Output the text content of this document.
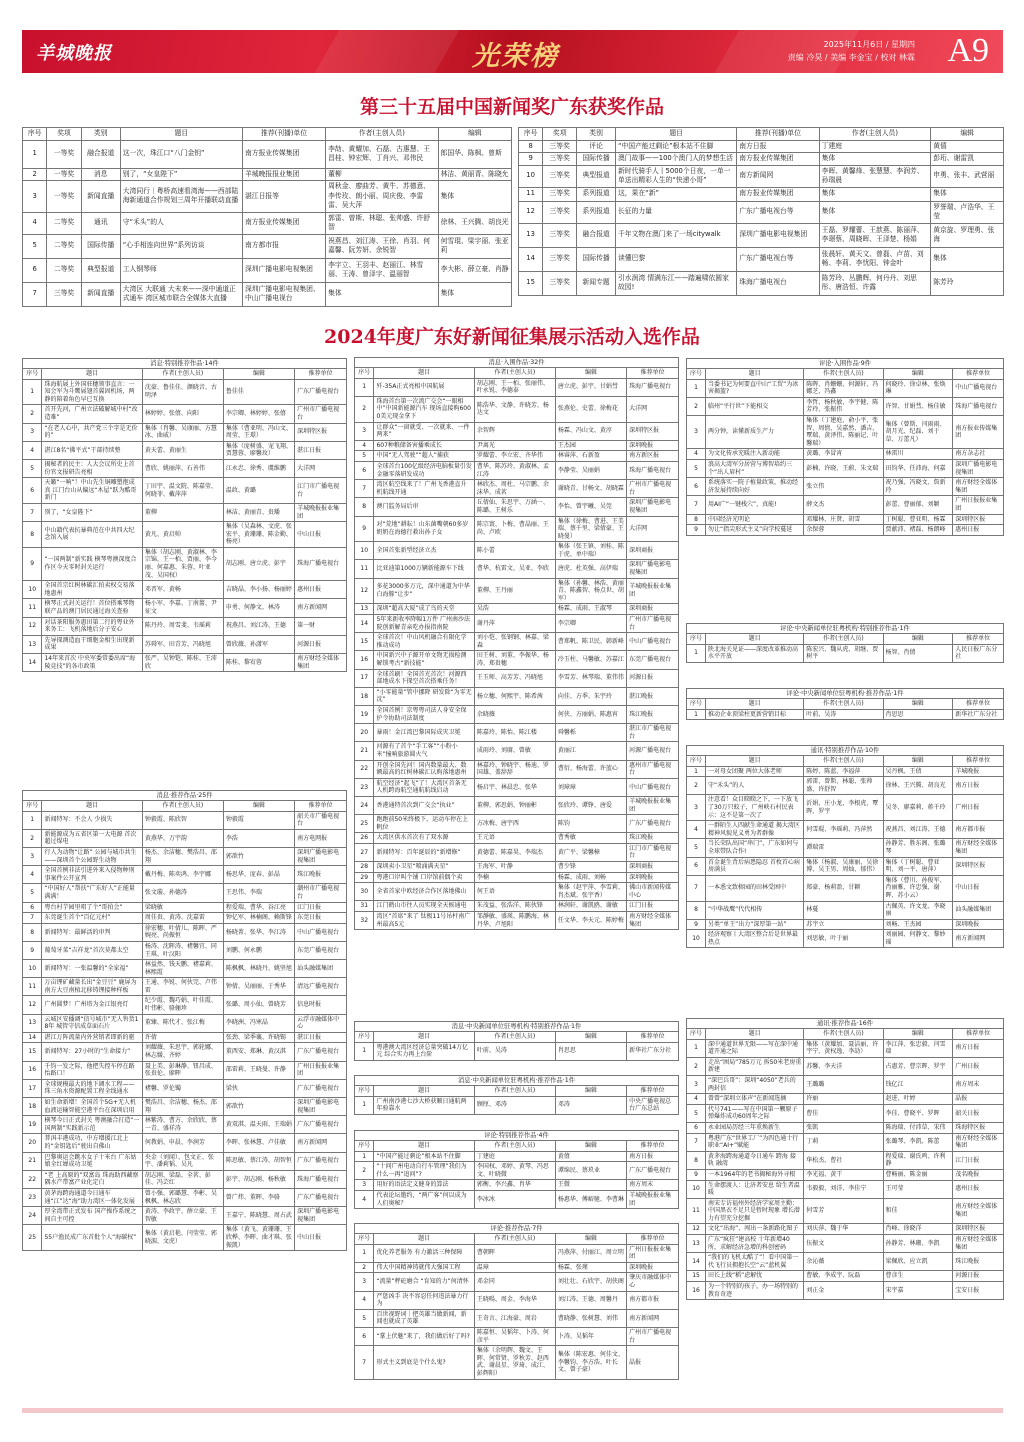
羊城晚报	光荣榜	2025年11月6日 / 星期四
责编 冷昊 / 美编 李金宝 / 校对 林霖 A9
第三十五届中国新闻奖广东获奖作品
序号	奖项	类别	题目	推荐(刊播)单位	作者(主创人员)	编辑
1	一等奖	融合报道	这一次，珠江口“八门金钥”	南方报业传媒集团	李劼、黄耀加、石磊、古惠慧、王昌桂、钟宏辉、丁肖兴、邓伟民	郎国华、陈枫、曾斯
2	一等奖	消息	别了，“女皇陛下”	羊城晚报报业集团	董柳	林洁、黄丽青、陈晓允
3	一等奖	新闻直播	大湾同行｜粤桥高速看湾海——西部陆海新通道合作规划三周年开播联动直播	湛江日报等	周秋金、廖曲芳、黄牛、苏德意、李传玫、朗小丽、周庆俊、李雷雷、吴大萍	集体
4	二等奖	通讯	守“禾头”的人	南方报业传媒集团	郭雷、曾斯、林聪、张帅盛、许舒智	徐林、王兴腾、胡良光
5	二等奖	国际传播	“心手相连向世界”系列访谈	南方都市报	祝燕昌、刘江涛、王徐、肖羽、何嘉馨、阮芳妍、余锐智	何雪琨、梁宇丽、张亚莉
6	二等奖	典型报道	工人钢琴师	深圳广播电影电视集团	李宇立、王羽丰、赵丽江、林雪丽、王涛、曾泽宇、温丽智	李大彬、薛立豪、肖静
7	三等奖	新闻直播	大湾区 大联通 大未来——深中通道正式通车 湾区城市联合全媒体大直播	深圳广播电影电视集团、中山广播电视台	集体	集体
序号	奖项	类别	题目	推荐(刊播)单位	作者(主创人员)	编辑
8	三等奖	评论	“中国产能过剩论”根本站不住脚	南方日报	丁建庭	黄僖
9	三等奖	国际传播	澳门故事——100个澳门人的梦想生活	南方报业传媒集团	集体	彭珩、谢雷凯
10	三等奖	典型报道	新时代骑手人丨5000个日夜，一单一单送出精彩人生的“快递小哥”	南方新闻网	李晖、黄馨烽、张慧慧、李润芳、孙瑞晨	申勇、张丰、武营丽
11	三等奖	系列报道	这，果在“新”	南方报业传媒集团	集体	集体
12	三等奖	系列报道	长征的力量	广东广播电视台等	集体	罗誉瑞、卢浩华、王莹
13	三等奖	融合报道	千年文物在澳门来了一场citywalk	深圳广播电影电视集团	王磊、罗耀蕾、王歆燕、陈丽萍、李璟蔡、周晓晖、王泽楚、杨娟	黄京旋、罗理勇、张海
14	三等奖	国际传播	读懂巴黎	广东广播电视台等	张晨轩、黄天文、曾磊、卢苗、刘畅、李莉、李忧阳、钟金叶	集体
15	三等奖	新闻专题	引水润湾 情满东江——踏遍啸依圆家故园!	珠海广播电视台	陈芳玲、丛鹏辉、何丹丹、刘思彤、唐浩恒、许露	陈芳玲
2024年度广东好新闻征集展示活动入选作品
消息·特别推荐作品·14件
序号	题目	作者(主创人员)	编辑	推荐单位
1	珠海航展上外国驻穗领事直言：一知会军为斗鹰展翅首翼固机场，两静的陪着角色早已互换	沈豪、鲁佳佳、颜晓音、古明泽	鲁佳佳	广东广播电视台
2	首开先河，广州立法破解城中村“改造难”	林婷婷、张僖、向阳	李宗卿、林婷婷、张僖	广州市广播电视台
3	“在老人心中，共产党三个字是无价的”	集体（肖馨、吴康丽、方慧冰、曲威）	集体（曹亚明、冯山文、周莹、王璟）	深圳特区报
4	湛江8名“佛平式”干部持续整	黄天蕾、黄丽生	集体（庞树盛、宠飞翔、贾慧蓉、廖馨玫）	湛江日报
5	揭秘者的民主：人大会议所史上首份官文报研告亮相	曹欣、姚丽萍、石善伟	江永忠、徐秀、虞维鹏	大洋网
6	天籁“一响”！中山先生铜雕塑抱成真 江门台山从偏远“木屋”跃为酷哥新门	丁田宇、温文院、陈嘉莹、何晓菲、戴萍萍	温政、黄璐	江门市广播电视台
7	别了，“女皇陛下”	董柳	林洁、黄丽青、贵璠	羊城晚报报业集团
8	中山籍代表抗暴典范在中共四大纪念馆入展	黄凡、黄启帅	集体（吴森林、文虎、张宏平、黄珊珊、陈金勤、杨亮）	中山日报
9	“一国两制”新实践 横琴粤澳深度合作区今天零时封关运行	集体（胡志刚、黄淑林、李宗锦、王一栢、贾丽、李今丽、何嘉惠、朱蓉、叶亚茂、吴国权）	胡志刚、唐立虎、彭宇	珠海广播电视台
10	全国首宗红树林碳汇拍卖权交易落地惠州	邓晋军、黄畅	吉晓晶、李小扬、杨丽婷	惠州日报
11	横琴正式封关运行！首位搭乘琴物联产品的澳门居民通过海关查验	杨小军、李嘉、丁南蔷、尹征文	申勇、何静文、林涛	南方新闻网
12	对话茶阳服务惠田第二行的粤业外来务工：飞机落地后分子安心	陈丹玲、周雪斐、韦瑶莉	祝燕昌、刘江涛、王德	第一财
13	先导探测造血干细胞金相生出现新成果	苏舜军、田青芳、冯晓旭	曾欣薇、孙潇军	河源日报
14	14年来首次 中央军委常委出席“海陵竞技”的各市政策	张严、吴钟铠、陈桂、王沛欣	陈桂、黎宥蓉	南方财经全媒体集团
消息·推荐作品·25件
序号	题目	作者(主创人员)	编辑	推荐单位
1	新闻特写：不会人 少损失	钟毅霞、陈欣智	钟毅霞	韶关市广播电视台
2	新能源成为五省区第一大电源 首次超过煤电	黄燕华、万宇韵	李浩	南方电网报
3	行人为动物“让路” 公园与城市共生——深圳首个公园野生动物	杨杰、余洁穗、樊浩昌、邵翔	郭歆竹	深圳广播电影电视集团
4	全国首例非法引进外来入侵物种刑事案件公开宣判	戴丹梅、陈奕鸿、李宇娜	杨思华、庞春、彭晶	珠江晚报
5	“中国好人”帮扶“广东好人”正能量满满！	张文璇、孙德涛	王思伟、李瑞	潮州市广播电视台
6	粤台村芋园里唱了个“哥拍会”	梁晓敏	程爱瑞、曹华、谷江亮	江门日报
7	东莞诞生首个“百亿元村”	周佳贵、黄涛、沈嘉雷	钟亿军、林楠阁、赖斯锋	东莞日报
8	新闻特写：最鲜活的审判	徐宏穗、叶倩儿、陈晖、严婉亮、尚振恒	杨晓菁、张华、李江涛	中山广播电视台
9	葡萄牙菜“吉祥龙”首次莫都太空	杨涛、沈晖涛、褚馨宜、同王琪、叶汉阳	刘鹏、何永鹏	东莞广播电视台
10	新闻特写：一张温馨的“全家福”	林益然、钱天鹏、褚嘉莉、林熙霞	陈枫枫、林晓丹、姚坚旭	汕头融媒集团
11	万亩锂矿藏量长出“金豆豆” 鹿屏为南方大豆南植北移铸锂接种样板	王通、李锐、何伙完、卢伟雷	钟倩、吴丽丽、于秀华	清远广播电视台
12	广州圆梦！广州塔为金江银亮灯	纪少霞、魏巧娟、叶佳霞、叶伟彬、骆俪珍	张璐、周小仙、曾晓芳	信息时报
13	云城区安播调“信号城市”无人售货18年 城管守信成草面石片	董臻、陈代才、张江梅	李晓洲、冯寒晶	云浮市融媒体中心
14	湛江万阵流量内外营销者即新的驱	许倩	张劲、梁季襄、许晓锡	湛江日报
15	新闻特写：27小时的“生命接力”	刘耀薇、朱思宇、郭轮娜、林志媛、齐婷	董西安、郑琳、黄汉淇	广东广播电视台
16	千钧一发之际，他把失控车停在路怡路口！	聂上美、彭琳静、钮昌成、张贵伦、廖晖	邵雷莉、王晓曼、许静	广州日报报业集团
17	全球规模最大的地下调水工程——珠三角水资源配置工程全线通水	褚馨、罗伦镯	梁伙	广东广播电视台
18	如生命新增！全国首个5G+无人机血液运输智能空港平台在深圳启用	樊浩昌、余洁穗、杨杰、邵翔	郭歆竹	深圳广播电影电视集团
19	横琴今日正式封关 粤澳融合打造“一国两制”实践新示范	林紫涛、曹方、余欣欣、蔡一青、盛祥涛	黄双淇、温天雨、王瑞娟	广东广播电视台
20	普洱丰港成功，中方增援江北上的“金钥匙后”驶出自佛山	何教娟、申晨、李润芳	李晖、张林慧、卢佳敏	南方新闻网
21	巴黎奥运会跳水女子十米台 广东姑娘全红婵成功卫冕	央金（刘闻）、包文正、张宇、潘莉韬、吴凡	陈思敏、蔡江涛、胡智恒	广东广播电视台
22	“老 上高原的”双富岛 珠海助西藏察隅水产带富产业化定白	胡志刚、梁磊、全茗、彭佳、冯芸红	彭宇、胡志刚、杨秋敏	珠海广播电视台
23	黄茅海跨海通道今日通车 通“江”达“海”助力湾区一体化发展	曾小强、郭璐慧、李彬、吴枫枫、林志欣	曾广炜、董晖、李骆	广东广播电视台
24	厚全湾带正式发布 国产操作系统之间自主可控	黄涛、李政宇、薛立豪、王智敏	王嘉宁、陈晓慧、周占武	深圳广播电影电视集团
25	55户渔民成广东首批个人“海碳权”	集体（黄启艳、闫莹莹、郭晓湄、文虎）	集体（黄飞、黄珊珊、王欣桦、李晖、曲才琪、张振凯）	中山日报
消息·入围作品·32件
序号	题目	作者(主创人员)	编辑	推荐单位
1	歼-35A正式亮相中国航展	胡志刚、王一栢、张丽伟、叶永锐、李德泰	唐立虎、彭宇、甘娟彗	珠海广播电视台
2	珠海首台第一次流广交会“一眼相中”中国新能源汽车 现场直接购6000美元现金拿下	陈浩华、文静、许晓芳、杨达文	张燕伦、史蕾、徐梅花	大洋网
3	让群众“一窗就受、一次就来、一件两来”	余智辉	杨霖、冯山文、黄淳	深圳特区报
4	607种粮储备害播乘成长	尹离光	王杰园	深圳晚报
5	中国“无人驾驶”“超人”捕获	罗耀蕾、李立宏、齐华伟	林睿萍、石新盈	南方新区报
6	全球首台100亿级经济电脑板量引发金融零落研发成功	曹华、陈苏玲、黄淑林、孟江涛	李静莹、吴丽娟	珠海广播电视台
7	湾区航空线来了！广州飞香港直升机航线开通	林欣杰、周杜、马宗鹏、余沫华、成茗	谢晓青、甘畅文、胡晓霖	广州市广播电视台
8	澳门监务局后审	丘倩仙、朱思宇、万涵一、陈璐、王树乐	李怡、曾宇曦、吴莞	深圳广播电影电视集团
9	对“荒地”耕耘！山东菌嘴朝60多岁奶奶在海德行救出孙子女	陈宗寰、卜梅、曹晶丽、王尚、卢欧	集体（徐梅、曹进、王美瑞、蔡千里、梁倩豪、王晓曼）	大洋网
10	全国首张新型经济立杰	陈小蕾	集体（张王镇、刘桂、陈于虎、单中瑞）	深圳商报
11	比亚迪第1000万辆新能源车下线	曹华、杭雷文、吴亚、李欣	唐虎、杜英强、高伊瑞	深圳广播电影电视集团
12	多花3000多万元，深中通道为中华白海豚“让步”	董柳、王丹丽	集体（孙馨、林浩、黄丽青、陈鑫智、杨点世、胡军）	羊城晚报报业集团
13	深圳“超高大厦”成了鸟的天堂	吴浩	杨霖、成雨、王淑琴	深圳商报
14	5年来新收率降幅1万件 广州南沙法院创新解青亲吃办报指南院	谢丹萍	李宗卿	广州市广播电视台
15	全球首次！中山风机融合有限化学推动成功	刘小恺、张钢钢、林嘉、梁森	曹郑帆、陈卫民、韩新峰	中山广播电视台
16	中国新兴中子源开单文物无损检测 解锁考古“新技能”	田王树、刘董、李振华、杨涛、郑贵穗	冷玉柱、马馨敏、苏嘉江	东莞广播电视台
17	全球首刷！全国首光首次！河源西部地成水下探空首次搭乘任务！	王玉师、高芳芳、冯晓旭	李雪芳、林琴瑞、董伟伟	河源日报
18	“小零能量”管中挪降 研发除“为零无沈”	杨立穗、何熙宇、陈希茜	向佳、方季、朱宇玲	湛江晚报
19	全国首例！京粤粤司法人身安全保护令协助司法制度	余晓薇	何侠、方丽娟、陈惠宵	珠江晚报
20	暴雨！金江湾巴黎国际成灾卫冕	陈嘉玲、陈怡、陈江楼	舜馨栎	湛江市广播电视台
21	河源有了首个“手工客”“小粉小米”撞响旅游圆火气	成雨玲、刘赓、曾敏	黄丽江	河源广播电视台
22	开创全国先河！国内数量最大、数额最高的红树林碳汇认购落地惠州	林嘉玲、钟晓宇、杨迪、罗国雄、盖辞辞	曹衍、杨海蕾、许蓝心	惠州市广播电视台
23	航空经济“起飞”了！大湾区首条无人机跨海航空通航航线启动	杨启宇、林晨忠、张华	刘璋璋	中山广播电视台
24	香港通特首次到广交会“执业”	董柳、郭思娟、钟丽彬	张欣玲、谭铮、唐爱	羊城晚报报业集团
25	跑跑前50米终极下，运动车停在上帆位	方冰梅、唐宇西	陈钧	广东广播电视台
26	大湾区供水首次有了双水源	王元语	曹秀敏	珠江晚报
27	新闻特写：百年诞辰的“新增修”	黄德蕾、陈嘉昊、李瑞杰	黄广平、梁馨樟	江门市广播电视台
28	深圳卖小卫星“喷涌满天星”	王海军、叶静	曹少锋	深圳商报
29	粤港口岸叫个铺 口岸馆前偶个卖	李楠	杨霖、成雨、刘畅	深圳晚报
30	全省首家中欧经济合作区落地佛山	何王语	集体（赵宇萍、李雪莉、肖杰斌、张宇香）	佛山市新闻传媒中心
31	江门鹤山市往人员实现全天候通电	朱茂益、张浩洋、陈伙锋	林润轩、谢凯鸥、谢敏	江门日报
32	湾区“首席”来了 钛极11号吊杆南广州最高5元	邹靜敏、盛瑛、陈鹏海、林丹华、卢旭阳	任文华、李天元、陈婷梅	南方财经全媒体集团
消息·中央新闻单位驻粤机构·特别推荐作品·1件
序号	题目	作者(主创人员)	编辑	推荐单位
1	粤港澳大湾区经济总量突破14万亿元 综合实力再上台阶	叶前、吴涛	肖思思	新华社广东分社
消息·中央新闻单位驻粤机构·推荐作品·1件
序号	题目	作者(主创人员)	编辑	推荐单位
1	广州南沙港七沙大桥获顺日通航两年验靠水	顾厘、邓涛	邓涛	中央广播电视总台广东总站
评论·特别推荐作品·4件
序号	题目	作者(主创人员)	编辑	推荐单位
1	“中国产能过剩论”根本站不住脚	丁建庭	黄僖	南方日报
2	“十问广州电动自行车管理”我们为什么一再“追问”?	李国权、邓婷、黄琴、冯思文、叶晓微	谭绵民、蔡玖业	广东广播电视台
3	用好的语法定义健身的算法	郭衡、李兴鑫、肖华	王微	南方周末
4	代表论坛邀约，“两广客”何以成为人们奥秘？	李冰冰	杨惠华、傅峪驰、李曹琳	羊城晚报报业集团
评论·推荐作品·7件
序号	题目	作者(主创人员)	编辑	推荐单位
1	优化养老服务 有力激活三种保障	曹朝晖	冯燕萍、付丽江、周立明	广州日报报业集团
2	伟大中国精神铸就伟大强国工程	温璋	杨霖、张瑾	深圳晚报
3	“流量”秤砣磨合 “育知的力”何清怀	邓金同	刘壮壮、石欣宇、胡侠阁	肇庆市融媒体中心
4	严惩凶手 决不容忍任何违法暴力行为	王晓暘、周金、李海华	刘江涛、王德、周馨丹	南方都市报
5	百世视野词｜把英雄当做新闻，新闻也就成了英雄	王奇言、江海豪、周岩	曹晓静、张树慧、刘伟	南方新闻网
6	“掌上伏魅”来了，我们做后好了吗?	陈嘉恒、吴韬年、卜涛、何彦平	卜涛、吴韬年	广州市广播电视台
7	形式主义到底是个什么鬼?	集体（余明辉、魏文、王晖、何常贤、罗秋芳、赵西武、谢晨星、罗琦、成江、彭辉阳）	集体（陈宏惠、何佳文、李馨钧、李方浩、叶长文、曾子豪）	晶报
评论·入围作品·9件
序号	题目	作者(主创人员)	编辑	推荐单位
1	当委书记为何要直中山“工贸”为冰害揭篮?	陈晖、肖姗姗、何源轩、冯娜芝、冯鑫	何晓玲、徐卓林、张焕琳	中山广播电视台
2	临州“平行世”下能相交	李哲、杨秋敏、李宇健、陈芳玲、张振伟	许智、甘娟彗、杨佳敏	珠海广播电视台
3	两分钟，读懂新质生产力	集体（丁建庭、俞小平、张智、周僖、吴嘉然、潘吉、覃瑞、黄泽伟、陈丽记、叶馨瑞）	集体（曾斯、闫雨雨、胡月光、纪磊、刘于草、万蕾凡）	南方报业传媒集团
4	为文化传承充暖注入新动能	黄璐、李冒宵	林雷川	南方杂志社
5	浪高大湾军分居营与博智培约三个“出人眉村”	彭楠、许晓、王蔚、朱文瑞	田钧华、任沛海、何嘉	深圳广播电影电视集团
6	系统落实一院子植量政策，推动经济发展持续向好	张立伟	祝乃强、冯晓文、詹新玲	南方财经全媒体集团
7	用AI广“一键栈穴”，真能!	薛文杰	彭蕾、曹丽郁、刘颖	广州日报报业集团
8	中国经济光明论	邓耀林、庄贤、胡雪	丁树聪、曹亚明、杨霖	深圳特区报
9	勿让“指尖形式主义”向学校蔓延	余保蓉	贾献沛、褚磊、杨朗峰	惠州日报
评论·中央新闻单位驻粤机构·特别推荐作品·1件
序号	题目	作者(主创人员)	编辑	推荐单位
1	陕北海关见证——深度改革推动高水平开放	陈宏兴、魏从虎、胡继、贾树平	杨智、肖僖	人民日报广东分社
评论·中央新闻单位驻粤机构·推荐作品·1件
序号	题目	作者(主创人员)	编辑	推荐单位
1	推动企业顶梁柱更新营销目标	叶前、吴涛	肖思思	新华社广东分社
通讯·特别推荐作品·10件
序号	题目	作者(主创人员)	编辑	推荐单位
1	一对母女团聚 两位大体老师	陈婷、陈蓝、李福萍	吴丹枫、王倩	羊城晚报
2	守“禾头”的人	郭雷、曾斯、林聪、张帅盛、许舒智	徐林、王兴腾、胡良光	南方日报
3	注意看！众目睽睽之下，一下放飞了30万只蚊子，广州峡石村民表示：这不是第一次了	沂娟、庄小龙、李根虎、覃晖、罗宇	吴冬、廖嘉莉、蒋千玲	广州日报
4	一群陌生人四献生命通道 揭大湾区精神风貌见义勇为者群像	何雪琨、李瑶莉、冯萍然	祝燕昌、刘江涛、王德	南方都市报
5	当长荣队出国“串门”，广东如何与全球带队合作!	谭瑞雷	孙静芳、胜东阁、张璐琴	南方财经全媒体集团
6	首金诞生背后病患隐忍 首枚首心病房满员	集体（杨淑、吴康丽、吴徐博、吴王男、周灿、郁伟）	集体（丁树聪、曹亚明、刘一平、唐萍）	深圳特区报
7	一本悉文致榕园的田林受困中	郑豪、杨莉盈、甘颖	集体（曹川、孙俊军、肖丽雅、许忠强、谢晖、苏小云）	中山日报
8	“中华战鹰”代代相传	林蔓	古佩英、许文龙、李晓丽	汕头融媒集团
9	另类“单王”出力“深厚第一站”	苏宇立	刘畅、王杰园	深圳晚报
10	经济观察丨大湾区整合后是世界最热点	刘思敏、叶于丽	刘丽园、何静文、黎妙瑶	南方新闻网
通讯·推荐作品·16件
序号	题目	作者(主创人员)	编辑	推荐单位
1	深中通道世界无限——写在深中通道开通之际	集体（黄耀加、聂洁丽、许宇宁、黄权逸、李劼）	李江萍、张忠毅、闫雪瑞	南方日报
2	走出“困局”785万元 拆50米老房重新建	苏馨、李天洋	占惠芳、曹宗晖、罗宇	广州日报
3	“深巴兵哥”：深圳“4050”老兵的两封信	王璐璐	钱亿江	南方周末
4	曾曾“深圳立体声”在新闻选摘	许丽	赵进、叶婷	晶报
5	代号741——写在中国第一颗原子弹爆炸成功60周年之际	曹佳	李佳、曹晓平、罗晖	韶关日报
6	永业园局历经三年重焕新生	张凯	陈海瑞、付沛草、宋伟	珠海特区报
7	粤港广东“世界工厂”为四色通十行职业“AI+”赋能	丁莉	张璐琴、李凯、陈蕾	南方财经全媒体集团
8	黄茅海跨海通道今日通车 跨海 接轨 融湾	华松杰、曹社	程爱瑞、谢氏鸣、许利静	江门日报
9	一本1964年的老书揭秘海外寻根	李光福、黄干	曹畅丽、陈金丽	茂名晚报
10	生命摆渡人：让济者安息 给生者温暖	韦毅毅、刘洋、李佳宁	王可莹	惠州日报
11	南宋专访福州外经济学家周主勤：中国黑衣不足只是暂时现象 增长潜力有望充分挖掘	何雪芳	和佳	南方财经全媒体集团
12	文化“出海”，闯出一条新路化图子	刘庆萍、魏于华	肖峰、徐晓洋	深圳特区报
13	广东“疯狂”建高校 十年新增40所，求解经济急增的科创密码	伍振文	孙静芳、林珊、李凯	南方财经全媒体集团
14	“我们的飞机太酷了”！看中国第一代飞行员拥抱长空“云”蓝机翼	余沁薇	梁佩欣、应立凯	珠江晚报
15	田长上线“稻”虑解忧	曹敏、李成宇、阮磊	曹彦生	河源日报
16	为一个特别的孩子，办一场特别的教育奇迹	刘正金	宋宇嘉	宝安日报
